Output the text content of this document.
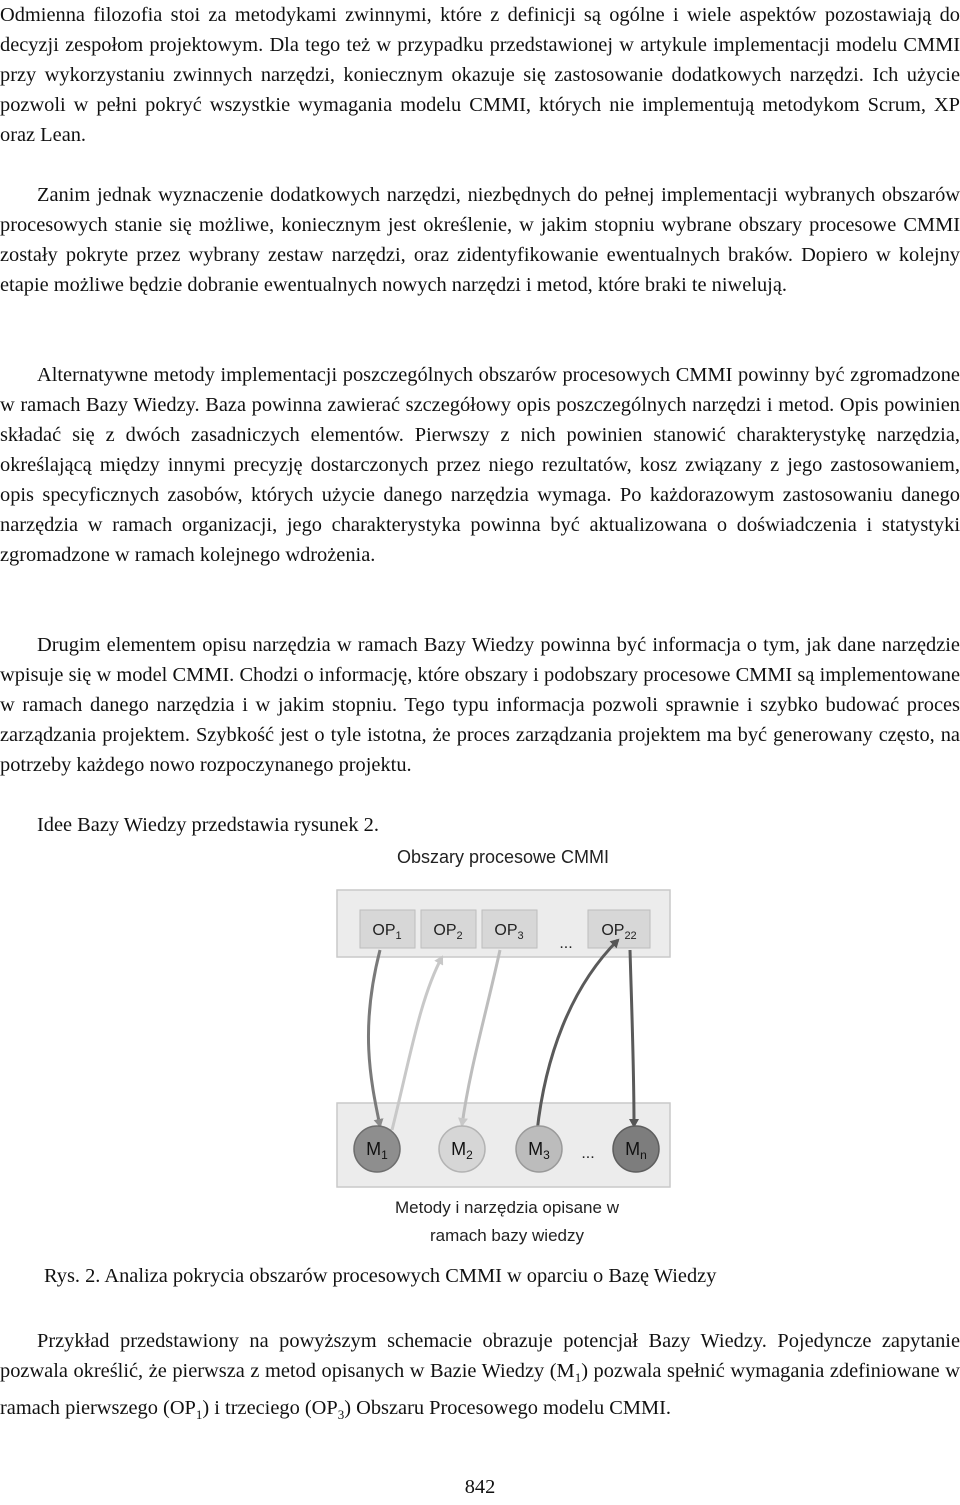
Odmienna filozofia stoi za metodykami zwinnymi, które z definicji są ogólne i wiele aspektów pozostawiają do decyzji zespołom projektowym. Dla tego też w przypadku przedstawionej w artykule implementacji modelu CMMI przy wykorzystaniu zwinnych narzędzi, koniecznym okazuje się zastosowanie dodatkowych narzędzi. Ich użycie pozwoli w pełni pokryć wszystkie wymagania modelu CMMI, których nie implementują metodykom Scrum, XP oraz Lean.

Zanim jednak wyznaczenie dodatkowych narzędzi, niezbędnych do pełnej implementacji wybranych obszarów procesowych stanie się możliwe, koniecznym jest określenie, w jakim stopniu wybrane obszary procesowe CMMI zostały pokryte przez wybrany zestaw narzędzi, oraz zidentyfikowanie ewentualnych braków. Dopiero w kolejny etapie możliwe będzie dobranie ewentualnych nowych narzędzi i metod, które braki te niwelują.

Alternatywne metody implementacji poszczególnych obszarów procesowych CMMI powinny być zgromadzone w ramach Bazy Wiedzy. Baza powinna zawierać szczegółowy opis poszczególnych narzędzi i metod. Opis powinien składać się z dwóch zasadniczych elementów. Pierwszy z nich powinien stanowić charakterystykę narzędzia, określającą między innymi precyzję dostarczonych przez niego rezultatów, kosz związany z jego zastosowaniem, opis specyficznych zasobów, których użycie danego narzędzia wymaga. Po każdorazowym zastosowaniu danego narzędzia w ramach organizacji, jego charakterystyka powinna być aktualizowana o doświadczenia i statystyki zgromadzone w ramach kolejnego wdrożenia.

Drugim elementem opisu narzędzia w ramach Bazy Wiedzy powinna być informacja o tym, jak dane narzędzie wpisuje się w model CMMI. Chodzi o informację, które obszary i podobszary procesowe CMMI są implementowane w ramach danego narzędzia i w jakim stopniu. Tego typu informacja pozwoli sprawnie i szybko budować proces zarządzania projektem. Szybkość jest o tyle istotna, że proces zarządzania projektem ma być generowany często, na potrzeby każdego nowo rozpoczynanego projektu.

Idee Bazy Wiedzy przedstawia rysunek 2.

Obszary procesowe CMMI
$OP_1$ $OP_2$ $OP_3$ ...
$OP_{22}$
$M_1$	$M_2$	$M_3$ ... $M_n$
Metody i narzędzia opisane w
ramach bazy wiedzy
Rys. 2. Analiza pokrycia obszarów procesowych CMMI w oparciu o Bazę Wiedzy

Przykład przedstawiony na powyższym schemacie obrazuje potencjał Bazy Wiedzy. Pojedyncze zapytanie pozwala określić, że pierwsza z metod opisanych w Bazie Wiedzy $(M_1)$ pozwala spełnić wymagania zdefiniowane w ramach pierwszego $(OP_1)$ i trzeciego $(OP_3)$ Obszaru Procesowego modelu CMMI.

842
